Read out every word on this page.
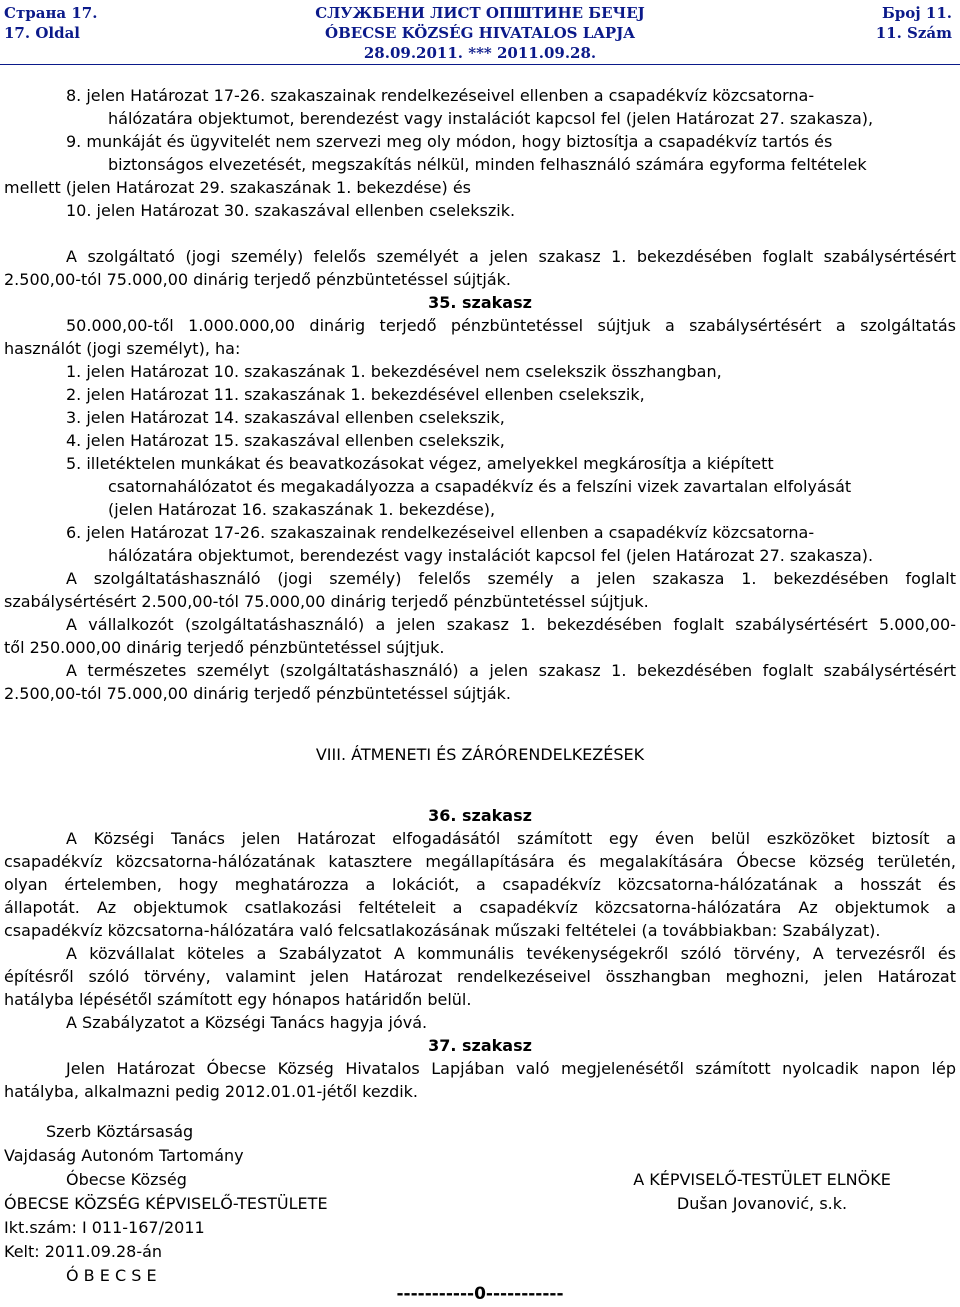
Страна 17.
17. Oldal
СЛУЖБЕНИ ЛИСТ ОПШТИНЕ БЕЧЕЈ
ÓBECSE KÖZSÉG HIVATALOS LAPJA
28.09.2011. *** 2011.09.28.
Број 11.
11. Szám
8. jelen Határozat 17-26. szakaszainak rendelkezéseivel ellenben a csapadékvíz közcsatorna-
hálózatára objektumot, berendezést vagy instalációt kapcsol fel (jelen Határozat 27. szakasza),
9. munkáját és ügyvitelét nem szervezi meg oly módon, hogy biztosítja a csapadékvíz tartós és
biztonságos elvezetését, megszakítás nélkül, minden felhasználó számára egyforma feltételek
mellett (jelen Határozat 29. szakaszának 1. bekezdése) és
10. jelen Határozat 30. szakaszával ellenben cselekszik.
A szolgáltató (jogi személy) felelős személyét a jelen szakasz 1. bekezdésében foglalt szabálysértésért
2.500,00-tól 75.000,00 dinárig terjedő pénzbüntetéssel sújtják.
35. szakasz
50.000,00-től 1.000.000,00 dinárig terjedő pénzbüntetéssel sújtjuk a szabálysértésért a szolgáltatás
használót (jogi személyt), ha:
1. jelen Határozat 10. szakaszának 1. bekezdésével nem cselekszik összhangban,
2. jelen Határozat 11. szakaszának 1. bekezdésével ellenben cselekszik,
3. jelen Határozat 14. szakaszával ellenben cselekszik,
4. jelen Határozat 15. szakaszával ellenben cselekszik,
5. illetéktelen munkákat és beavatkozásokat végez, amelyekkel megkárosítja a kiépített
csatornahálózatot és megakadályozza a csapadékvíz és a felszíni vizek zavartalan elfolyását
(jelen Határozat 16. szakaszának 1. bekezdése),
6. jelen Határozat 17-26. szakaszainak rendelkezéseivel ellenben a csapadékvíz közcsatorna-
hálózatára objektumot, berendezést vagy instalációt kapcsol fel (jelen Határozat 27. szakasza).
A szolgáltatáshasználó (jogi személy) felelős személy a jelen szakasza 1. bekezdésében foglalt
szabálysértésért 2.500,00-tól 75.000,00 dinárig terjedő pénzbüntetéssel sújtjuk.
A vállalkozót (szolgáltatáshasználó) a jelen szakasz 1. bekezdésében foglalt szabálysértésért 5.000,00-
től 250.000,00 dinárig terjedő pénzbüntetéssel sújtjuk.
A természetes személyt (szolgáltatáshasználó) a jelen szakasz 1. bekezdésében foglalt szabálysértésért
2.500,00-tól 75.000,00 dinárig terjedő pénzbüntetéssel sújtják.
VIII. ÁTMENETI ÉS ZÁRÓRENDELKEZÉSEK
36. szakasz
A Községi Tanács jelen Határozat elfogadásától számított egy éven belül eszközöket biztosít a
csapadékvíz közcsatorna-hálózatának katasztere megállapítására és megalakítására Óbecse község területén,
olyan értelemben, hogy meghatározza a lokációt, a csapadékvíz közcsatorna-hálózatának a hosszát és
állapotát. Az objektumok csatlakozási feltételeit a csapadékvíz közcsatorna-hálózatára Az objektumok a
csapadékvíz közcsatorna-hálózatára való felcsatlakozásának műszaki feltételei (a továbbiakban: Szabályzat).
A közvállalat köteles a Szabályzatot A kommunális tevékenységekről szóló törvény, A tervezésről és
építésről szóló törvény, valamint jelen Határozat rendelkezéseivel összhangban meghozni, jelen Határozat
hatályba lépésétől számított egy hónapos határidőn belül.
A Szabályzatot a Községi Tanács hagyja jóvá.
37. szakasz
Jelen Határozat Óbecse Község Hivatalos Lapjában való megjelenésétől számított nyolcadik napon lép
hatályba, alkalmazni pedig 2012.01.01-jétől kezdik.
Szerb Köztársaság
Vajdaság Autonóm Tartomány
Óbecse Község
ÓBECSE KÖZSÉG KÉPVISELŐ-TESTÜLETE
Ikt.szám: I 011-167/2011
Kelt: 2011.09.28-án
Ó B E C S E
A KÉPVISELŐ-TESTÜLET ELNÖKE
Dušan Jovanović, s.k.
-----------0-----------
